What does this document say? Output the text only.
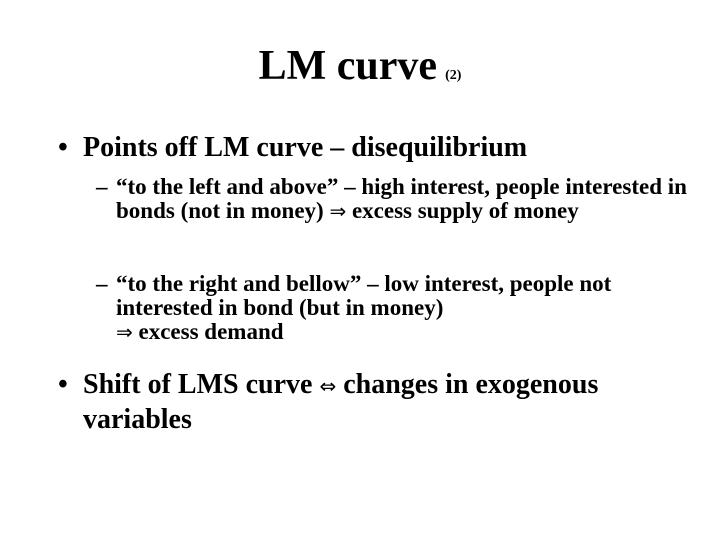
LM curve (2)
• Points off LM curve – disequilibrium
– “to the left and above” – high interest, people interested in bonds (not in money) ⇒ excess supply of money
– “to the right and bellow” – low interest, people not interested in bond (but in money)
⇒ excess demand
• Shift of LMS curve ⇔ changes in exogenous variables
